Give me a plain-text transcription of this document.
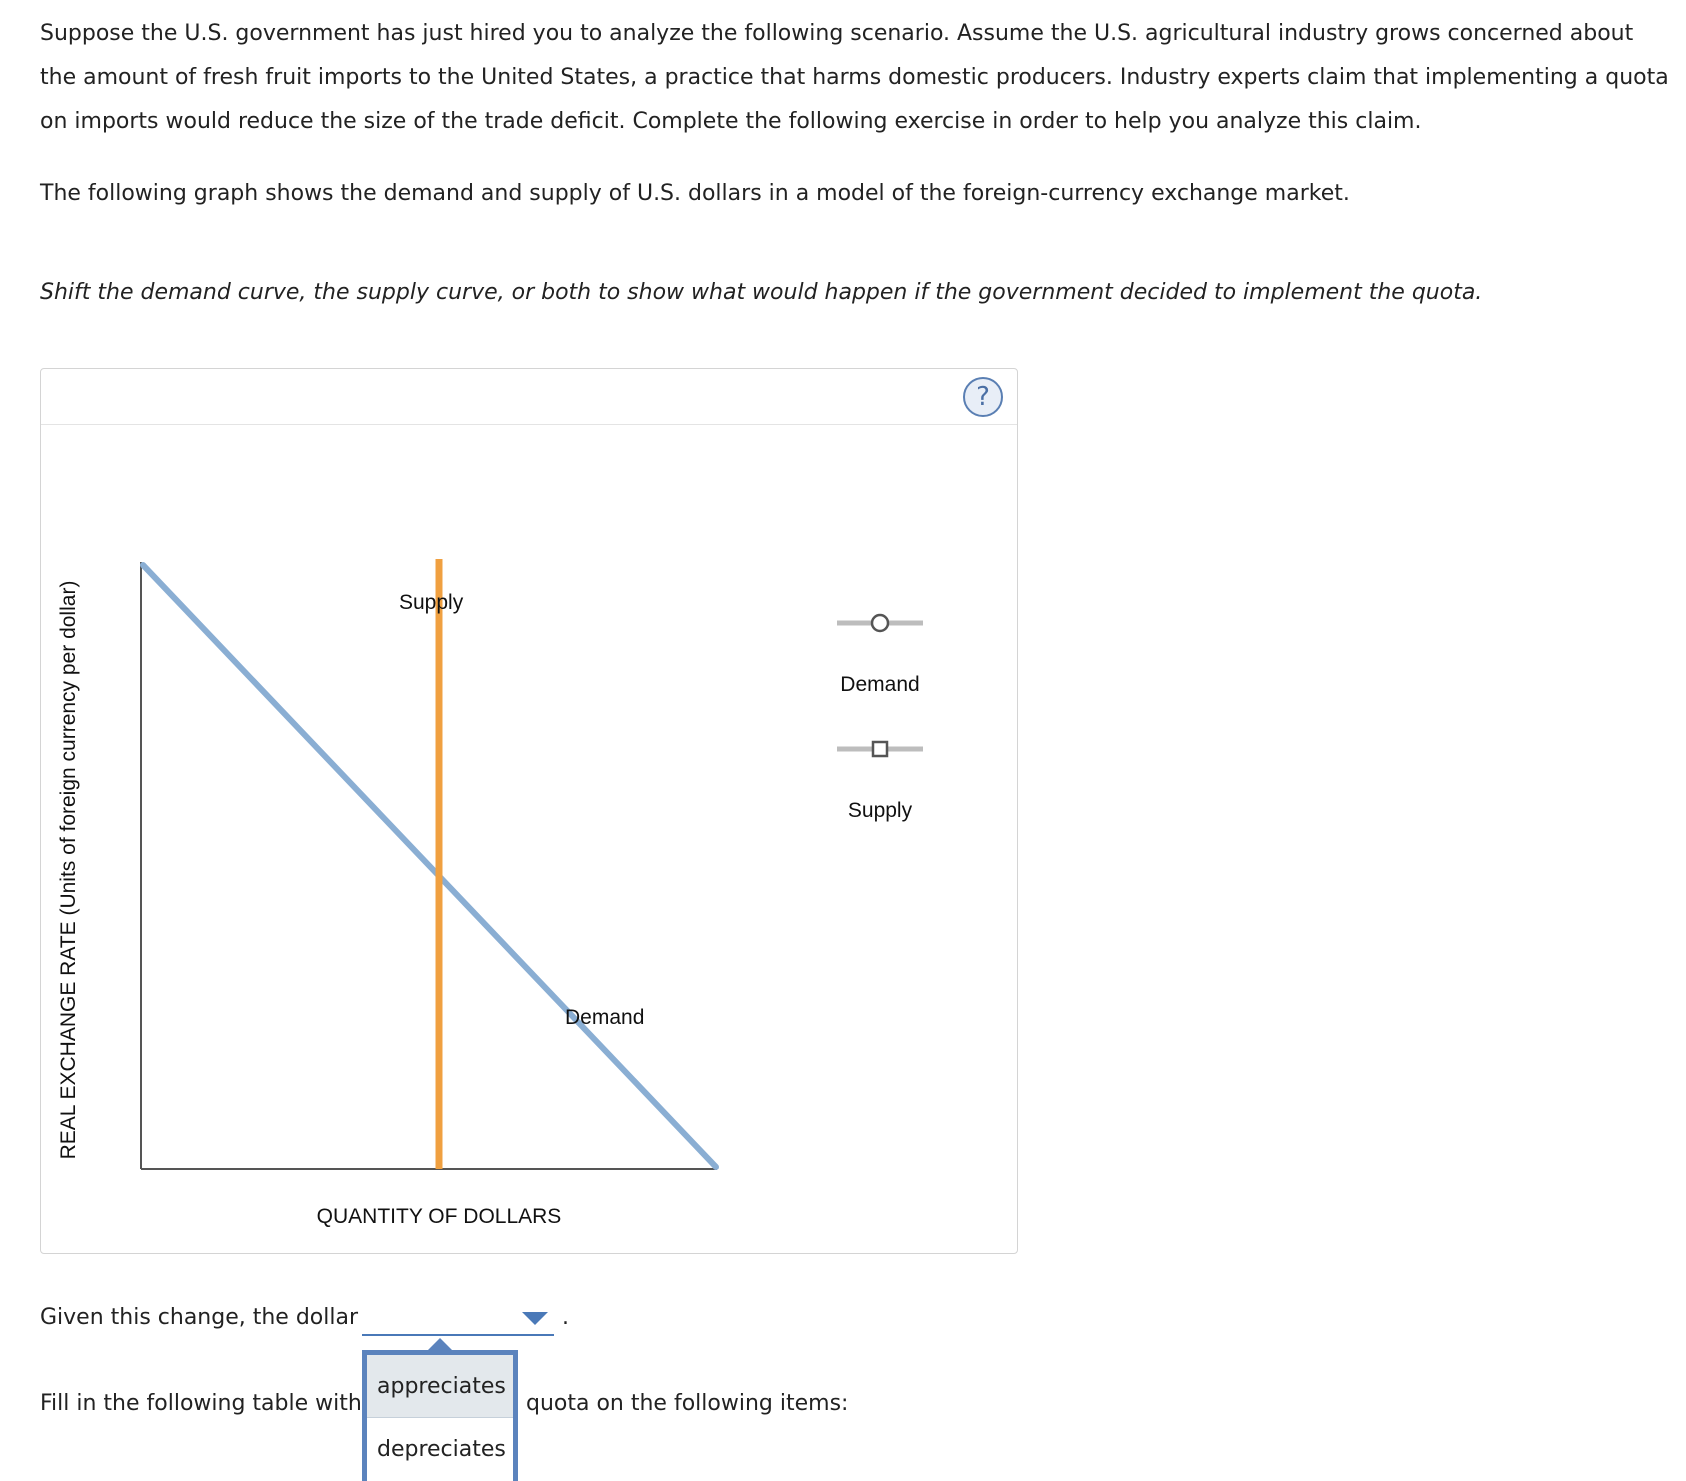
Suppose the U.S. government has just hired you to analyze the following scenario. Assume the U.S. agricultural industry grows concerned about the amount of fresh fruit imports to the United States, a practice that harms domestic producers. Industry experts claim that implementing a quota on imports would reduce the size of the trade deficit. Complete the following exercise in order to help you analyze this claim.

The following graph shows the demand and supply of U.S. dollars in a model of the foreign-currency exchange market.

Shift the demand curve, the supply curve, or both to show what would happen if the government decided to implement the quota.

?
Supply
Demand
REAL EXCHANGE RATE (Units of foreign currency per dollar)
QUANTITY OF DOLLARS
Demand
Supply

Given this change, the dollar	.

Fill in the following table with	quota on the following items:

appreciates
depreciates
